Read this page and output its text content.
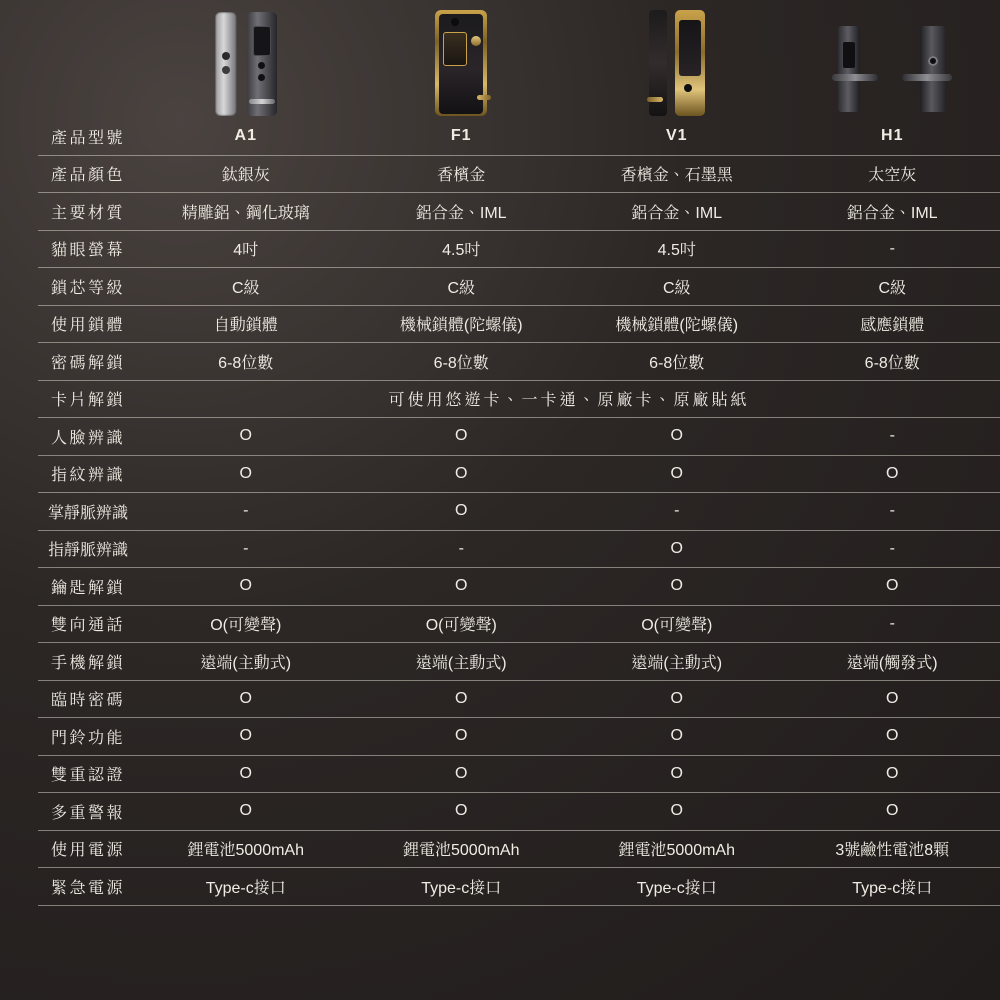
	產品型號	A1	F1	V1	H1
	產品顏色	鈦銀灰	香檳金	香檳金、石墨黑	太空灰
	主要材質	精雕鋁、鋼化玻璃	鋁合金、IML	鋁合金、IML	鋁合金、IML
	貓眼螢幕	4吋	4.5吋	4.5吋	-
	鎖芯等級	C級	C級	C級	C級
	使用鎖體	自動鎖體	機械鎖體(陀螺儀)	機械鎖體(陀螺儀)	感應鎖體
	密碼解鎖	6-8位數	6-8位數	6-8位數	6-8位數
	卡片解鎖	可使用悠遊卡、一卡通、原廠卡、原廠貼紙			
	人臉辨識	O	O	O	-
	指紋辨識	O	O	O	O
	掌靜脈辨識	-	O	-	-
	指靜脈辨識	-	-	O	-
	鑰匙解鎖	O	O	O	O
	雙向通話	O(可變聲)	O(可變聲)	O(可變聲)	-
	手機解鎖	遠端(主動式)	遠端(主動式)	遠端(主動式)	遠端(觸發式)
	臨時密碼	O	O	O	O
	門鈴功能	O	O	O	O
	雙重認證	O	O	O	O
	多重警報	O	O	O	O
	使用電源	鋰電池5000mAh	鋰電池5000mAh	鋰電池5000mAh	3號鹼性電池8顆
	緊急電源	Type-c接口	Type-c接口	Type-c接口	Type-c接口
